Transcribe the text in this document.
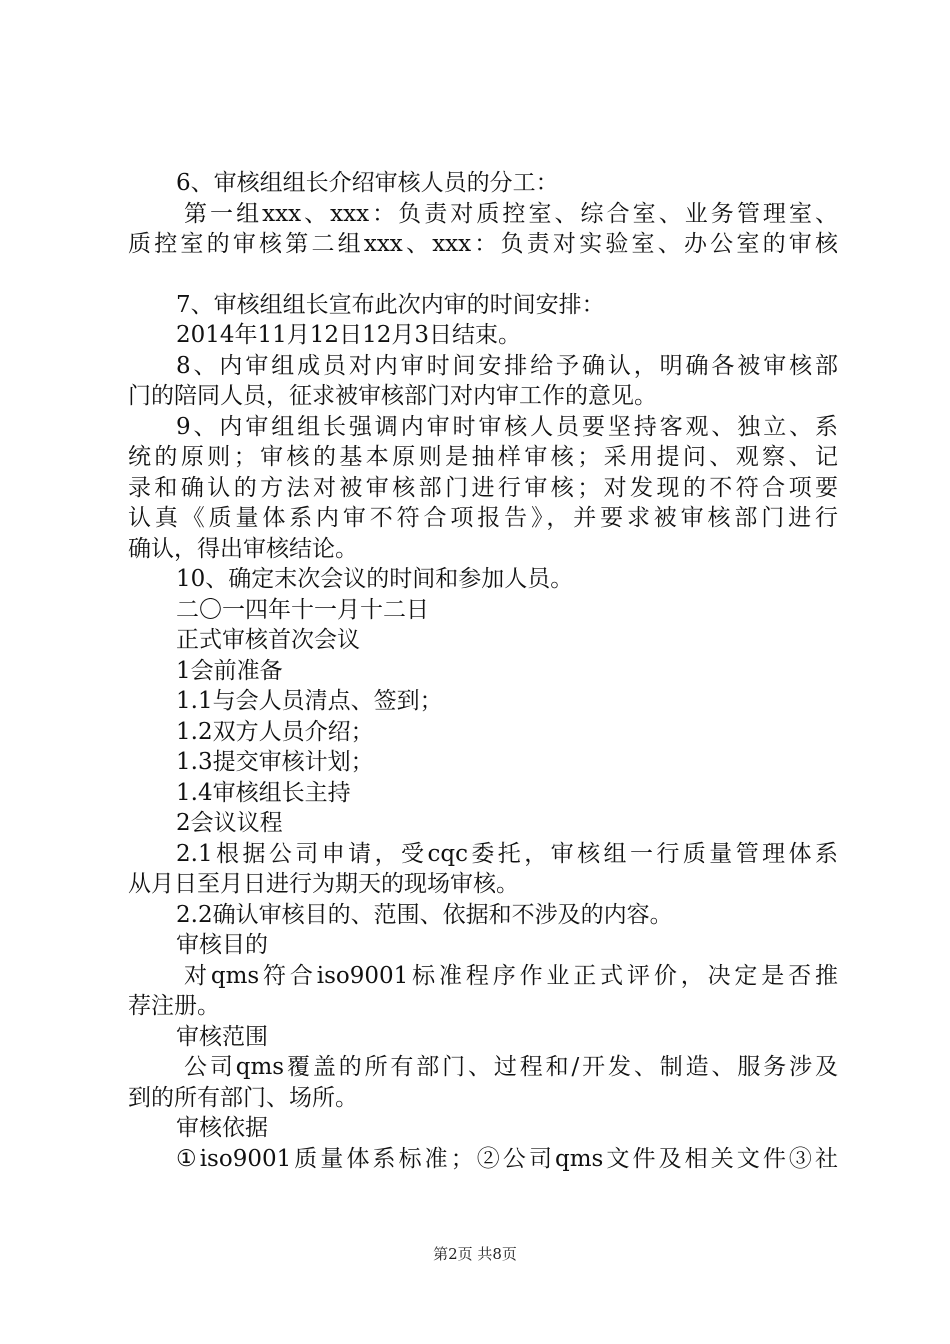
6、审核组组长介绍审核人员的分工：
第一组xxx、xxx：负责对质控室、综合室、业务管理室、
质控室的审核第二组xxx、xxx：负责对实验室、办公室的审核
7、审核组组长宣布此次内审的时间安排：
2014年11月12日12月3日结束。
8、内审组成员对内审时间安排给予确认，明确各被审核部
门的陪同人员，征求被审核部门对内审工作的意见。
9、内审组组长强调内审时审核人员要坚持客观、独立、系
统的原则；审核的基本原则是抽样审核；采用提问、观察、记
录和确认的方法对被审核部门进行审核；对发现的不符合项要
认真《质量体系内审不符合项报告》，并要求被审核部门进行
确认，得出审核结论。
10、确定末次会议的时间和参加人员。
二〇一四年十一月十二日
正式审核首次会议
1会前准备
1.1与会人员清点、签到；
1.2双方人员介绍；
1.3提交审核计划；
1.4审核组长主持
2会议议程
2.1根据公司申请，受cqc委托，审核组一行质量管理体系
从月日至月日进行为期天的现场审核。
2.2确认审核目的、范围、依据和不涉及的内容。
审核目的
对qms符合iso9001标准程序作业正式评价，决定是否推
荐注册。
审核范围
公司qms覆盖的所有部门、过程和/开发、制造、服务涉及
到的所有部门、场所。
审核依据
①iso9001质量体系标准；②公司qms文件及相关文件③社
第2页 共8页
